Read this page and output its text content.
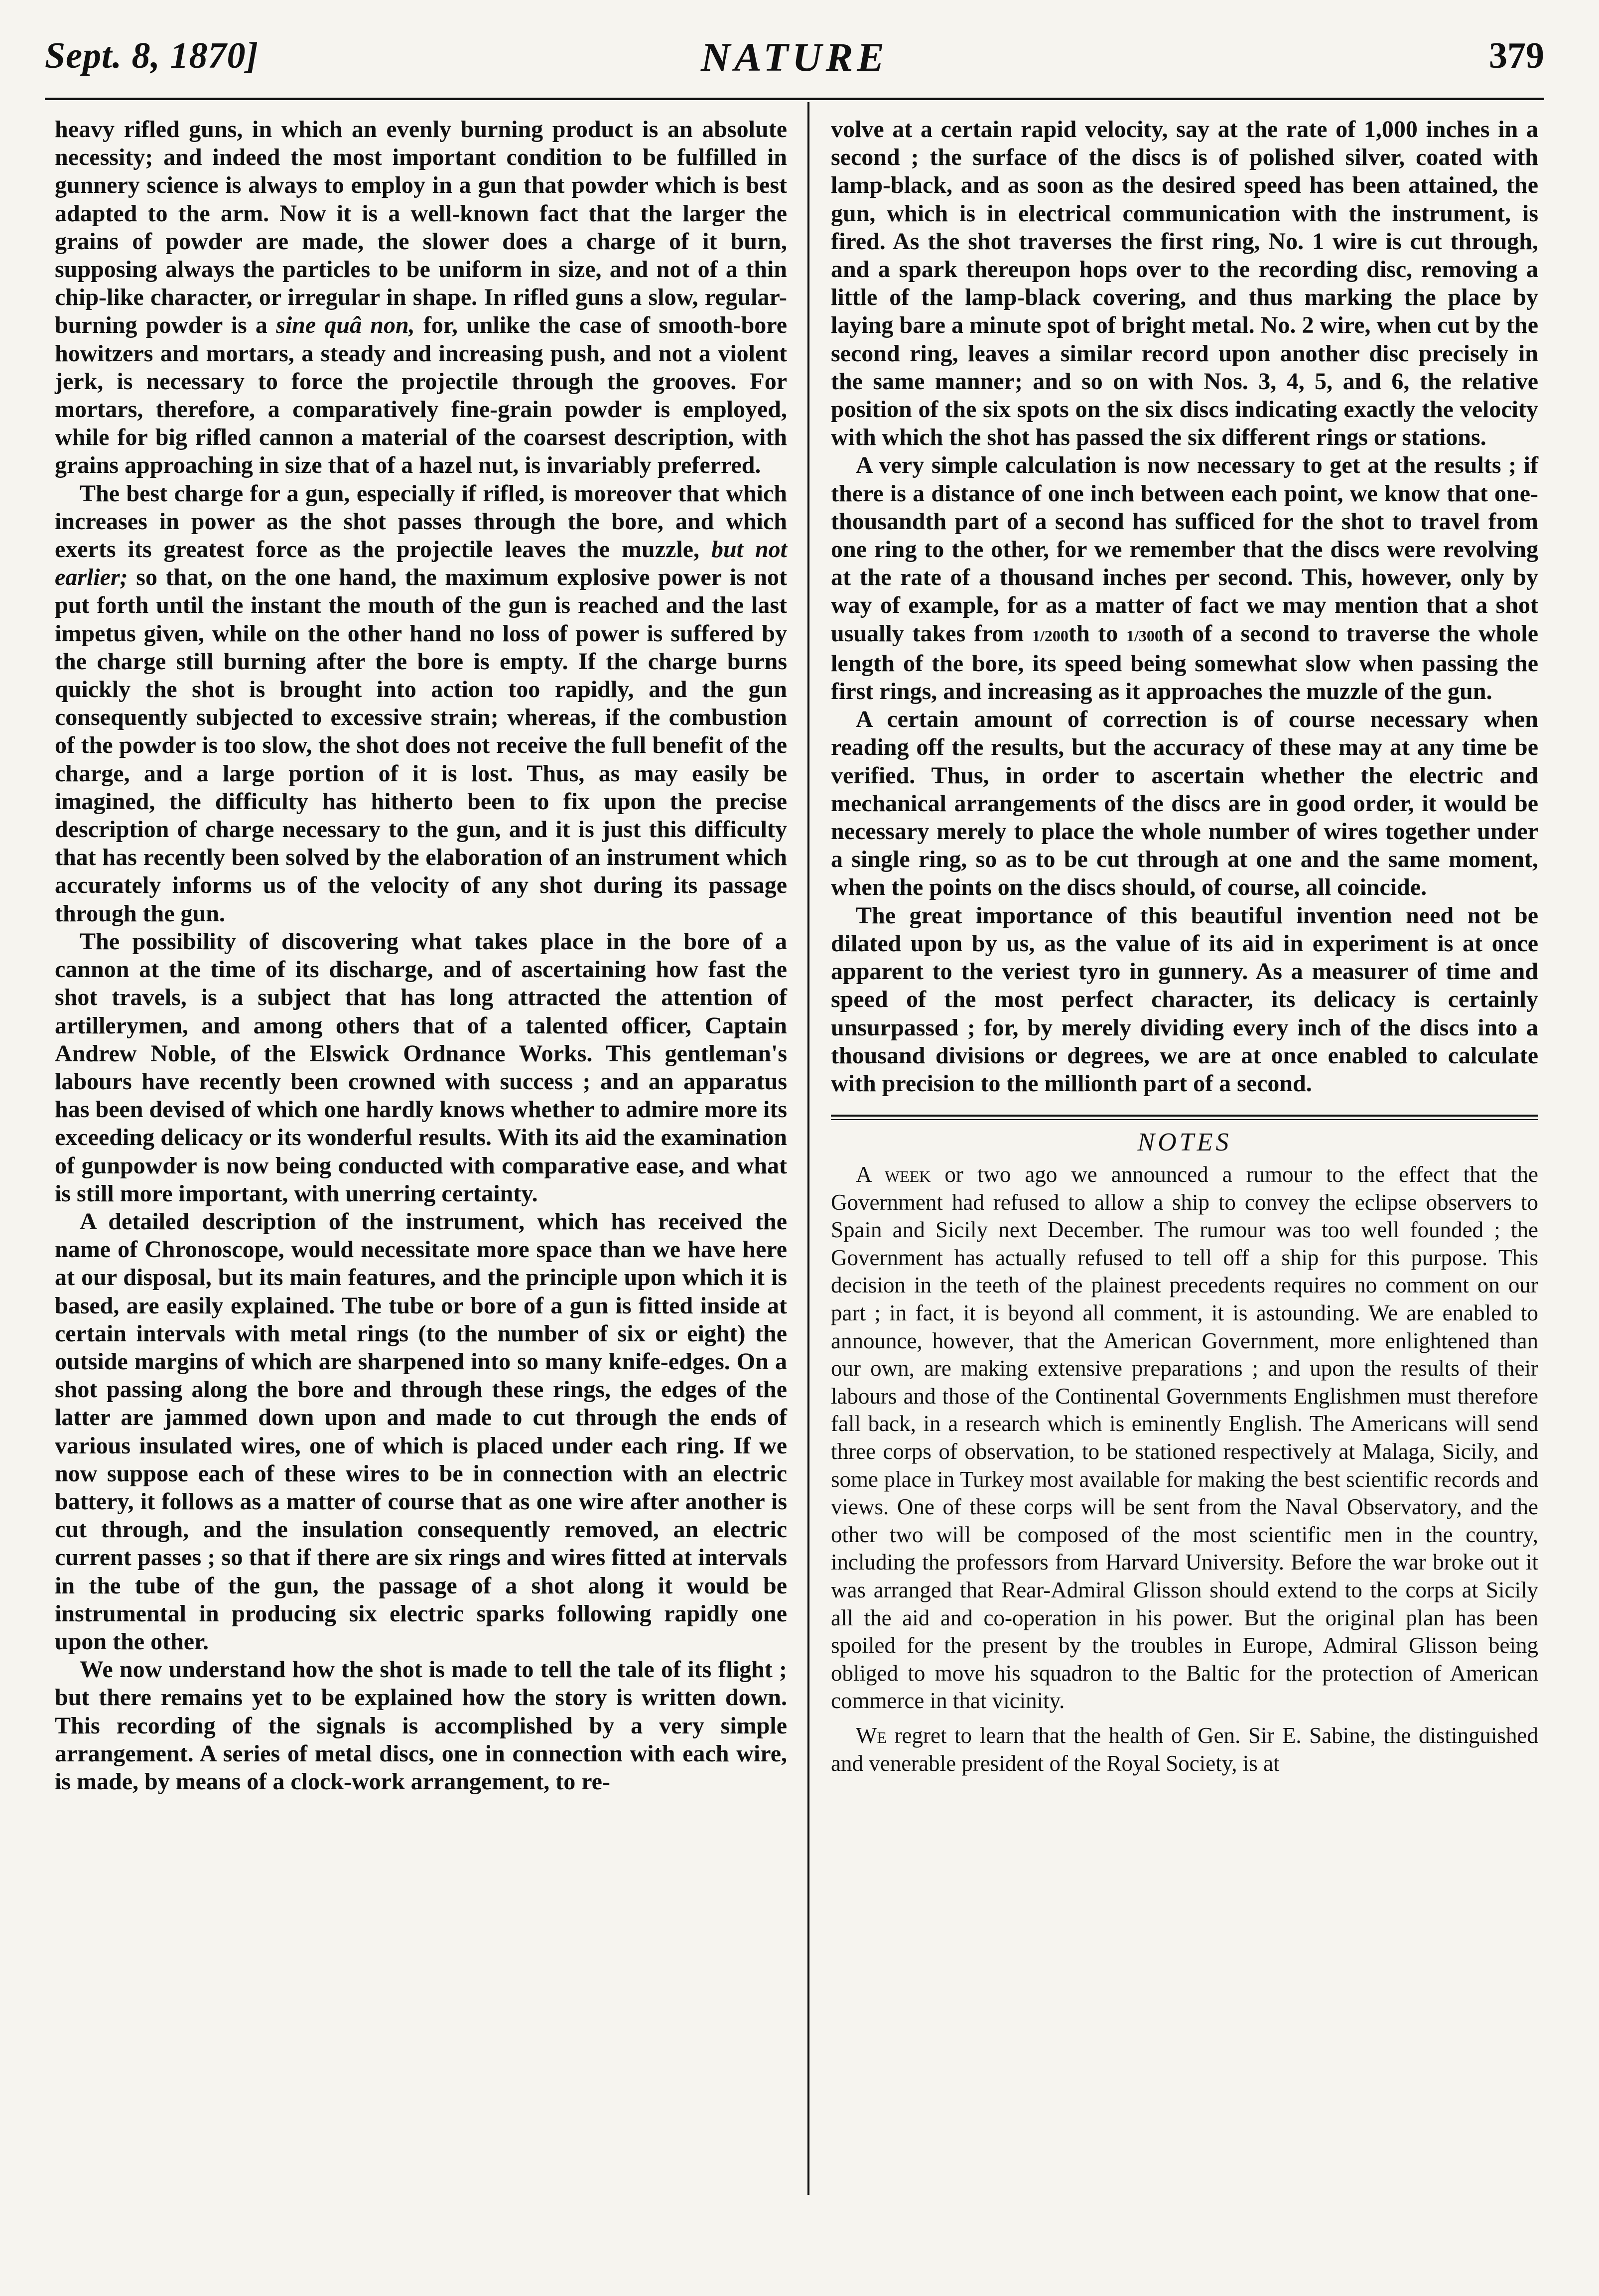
Sept. 8, 1870]	NATURE	379

heavy rifled guns, in which an evenly burning product is an absolute necessity; and indeed the most important condition to be fulfilled in gunnery science is always to employ in a gun that powder which is best adapted to the arm. Now it is a well-known fact that the larger the grains of powder are made, the slower does a charge of it burn, supposing always the particles to be uniform in size, and not of a thin chip-like character, or irregular in shape. In rifled guns a slow, regular-burning powder is a sine quâ non, for, unlike the case of smooth-bore howitzers and mortars, a steady and increasing push, and not a violent jerk, is necessary to force the projectile through the grooves. For mortars, therefore, a comparatively fine-grain powder is employed, while for big rifled cannon a material of the coarsest description, with grains approaching in size that of a hazel nut, is invariably preferred.

The best charge for a gun, especially if rifled, is moreover that which increases in power as the shot passes through the bore, and which exerts its greatest force as the projectile leaves the muzzle, but not earlier; so that, on the one hand, the maximum explosive power is not put forth until the instant the mouth of the gun is reached and the last impetus given, while on the other hand no loss of power is suffered by the charge still burning after the bore is empty. If the charge burns quickly the shot is brought into action too rapidly, and the gun consequently subjected to excessive strain; whereas, if the combustion of the powder is too slow, the shot does not receive the full benefit of the charge, and a large portion of it is lost. Thus, as may easily be imagined, the difficulty has hitherto been to fix upon the precise description of charge necessary to the gun, and it is just this difficulty that has recently been solved by the elaboration of an instrument which accurately informs us of the velocity of any shot during its passage through the gun.

The possibility of discovering what takes place in the bore of a cannon at the time of its discharge, and of ascertaining how fast the shot travels, is a subject that has long attracted the attention of artillerymen, and among others that of a talented officer, Captain Andrew Noble, of the Elswick Ordnance Works. This gentleman's labours have recently been crowned with success ; and an apparatus has been devised of which one hardly knows whether to admire more its exceeding delicacy or its wonderful results. With its aid the examination of gunpowder is now being conducted with comparative ease, and what is still more important, with unerring certainty.

A detailed description of the instrument, which has received the name of Chronoscope, would necessitate more space than we have here at our disposal, but its main features, and the principle upon which it is based, are easily explained. The tube or bore of a gun is fitted inside at certain intervals with metal rings (to the number of six or eight) the outside margins of which are sharpened into so many knife-edges. On a shot passing along the bore and through these rings, the edges of the latter are jammed down upon and made to cut through the ends of various insulated wires, one of which is placed under each ring. If we now suppose each of these wires to be in connection with an electric battery, it follows as a matter of course that as one wire after another is cut through, and the insulation consequently removed, an electric current passes ; so that if there are six rings and wires fitted at intervals in the tube of the gun, the passage of a shot along it would be instrumental in producing six electric sparks following rapidly one upon the other.

We now understand how the shot is made to tell the tale of its flight ; but there remains yet to be explained how the story is written down. This recording of the signals is accomplished by a very simple arrangement. A series of metal discs, one in connection with each wire, is made, by means of a clock-work arrangement, to re-

volve at a certain rapid velocity, say at the rate of 1,000 inches in a second ; the surface of the discs is of polished silver, coated with lamp-black, and as soon as the desired speed has been attained, the gun, which is in electrical communication with the instrument, is fired. As the shot traverses the first ring, No. 1 wire is cut through, and a spark thereupon hops over to the recording disc, removing a little of the lamp-black covering, and thus marking the place by laying bare a minute spot of bright metal. No. 2 wire, when cut by the second ring, leaves a similar record upon another disc precisely in the same manner; and so on with Nos. 3, 4, 5, and 6, the relative position of the six spots on the six discs indicating exactly the velocity with which the shot has passed the six different rings or stations.

A very simple calculation is now necessary to get at the results ; if there is a distance of one inch between each point, we know that one-thousandth part of a second has sufficed for the shot to travel from one ring to the other, for we remember that the discs were revolving at the rate of a thousand inches per second. This, however, only by way of example, for as a matter of fact we may mention that a shot usually takes from 1/200th to 1/300th of a second to traverse the whole length of the bore, its speed being somewhat slow when passing the first rings, and increasing as it approaches the muzzle of the gun.

A certain amount of correction is of course necessary when reading off the results, but the accuracy of these may at any time be verified. Thus, in order to ascertain whether the electric and mechanical arrangements of the discs are in good order, it would be necessary merely to place the whole number of wires together under a single ring, so as to be cut through at one and the same moment, when the points on the discs should, of course, all coincide.

The great importance of this beautiful invention need not be dilated upon by us, as the value of its aid in experiment is at once apparent to the veriest tyro in gunnery. As a measurer of time and speed of the most perfect character, its delicacy is certainly unsurpassed ; for, by merely dividing every inch of the discs into a thousand divisions or degrees, we are at once enabled to calculate with precision to the millionth part of a second.

NOTES

A week or two ago we announced a rumour to the effect that the Government had refused to allow a ship to convey the eclipse observers to Spain and Sicily next December. The rumour was too well founded ; the Government has actually refused to tell off a ship for this purpose. This decision in the teeth of the plainest precedents requires no comment on our part ; in fact, it is beyond all comment, it is astounding. We are enabled to announce, however, that the American Government, more enlightened than our own, are making extensive preparations ; and upon the results of their labours and those of the Continental Governments Englishmen must therefore fall back, in a research which is eminently English. The Americans will send three corps of observation, to be stationed respectively at Malaga, Sicily, and some place in Turkey most available for making the best scientific records and views. One of these corps will be sent from the Naval Observatory, and the other two will be composed of the most scientific men in the country, including the professors from Harvard University. Before the war broke out it was arranged that Rear-Admiral Glisson should extend to the corps at Sicily all the aid and co-operation in his power. But the original plan has been spoiled for the present by the troubles in Europe, Admiral Glisson being obliged to move his squadron to the Baltic for the protection of American commerce in that vicinity.

We regret to learn that the health of Gen. Sir E. Sabine, the distinguished and venerable president of the Royal Society, is at
